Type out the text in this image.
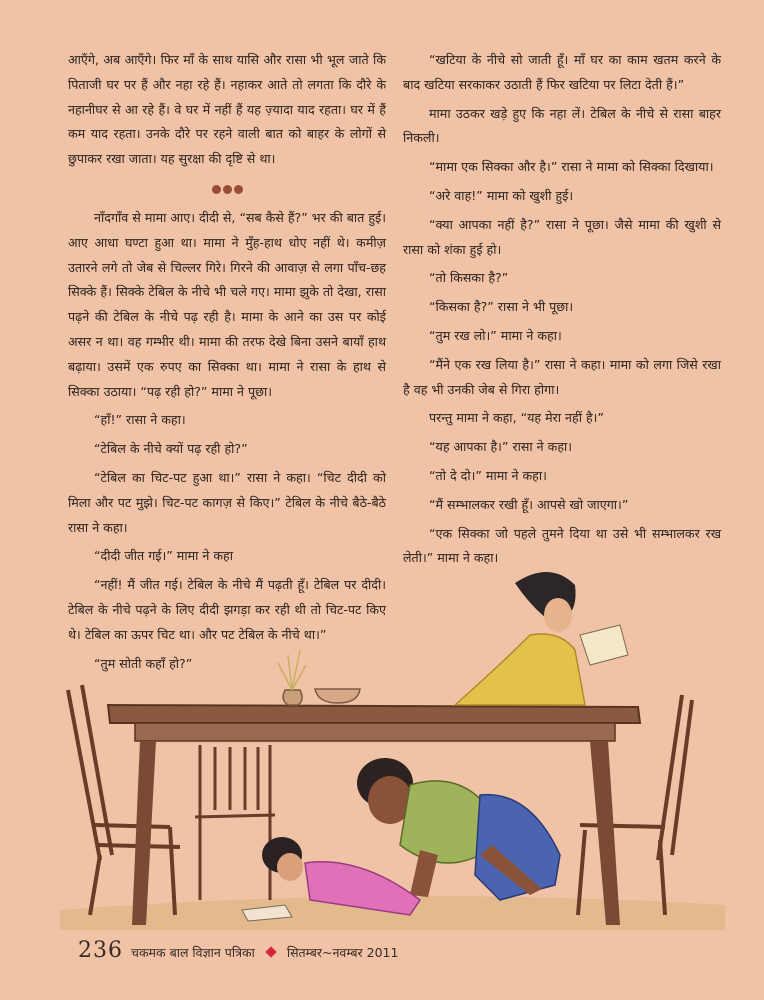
आएँगे, अब आएँगे। फिर माँ के साथ यासि और रासा भी भूल जाते कि पिताजी घर पर हैं और नहा रहे हैं। नहाकर आते तो लगता कि दौरे के नहानीघर से आ रहे हैं। वे घर में नहीं हैं यह ज़्यादा याद रहता। घर में हैं कम याद रहता। उनके दौरे पर रहने वाली बात को बाहर के लोगों से छुपाकर रखा जाता। यह सुरक्षा की दृष्टि से था।

नाँदगाँव से मामा आए। दीदी से, “सब कैसे हैं?” भर की बात हुई। आए आधा घण्टा हुआ था। मामा ने मुँह-हाथ धोए नहीं थे। कमीज़ उतारने लगे तो जेब से चिल्लर गिरे। गिरने की आवाज़ से लगा पाँच-छह सिक्के हैं। सिक्के टेबिल के नीचे भी चले गए। मामा झुके तो देखा, रासा पढ़ने की टेबिल के नीचे पढ़ रही है। मामा के आने का उस पर कोई असर न था। वह गम्भीर थी। मामा की तरफ देखे बिना उसने बायाँ हाथ बढ़ाया। उसमें एक रुपए का सिक्का था। मामा ने रासा के हाथ से सिक्का उठाया। “पढ़ रही हो?” मामा ने पूछा।

“हाँ!” रासा ने कहा।

“टेबिल के नीचे क्यों पढ़ रही हो?”

“टेबिल का चिट-पट हुआ था।” रासा ने कहा। “चिट दीदी को मिला और पट मुझे। चिट-पट कागज़ से किए।” टेबिल के नीचे बैठे-बैठे रासा ने कहा।

“दीदी जीत गई।” मामा ने कहा

“नहीं! मैं जीत गई। टेबिल के नीचे मैं पढ़ती हूँ। टेबिल पर दीदी। टेबिल के नीचे पढ़ने के लिए दीदी झगड़ा कर रही थी तो चिट-पट किए थे। टेबिल का ऊपर चिट था। और पट टेबिल के नीचे था।”

“तुम सोती कहाँ हो?”

“खटिया के नीचे सो जाती हूँ। माँ घर का काम खतम करने के बाद खटिया सरकाकर उठाती हैं फिर खटिया पर लिटा देती हैं।”

मामा उठकर खड़े हुए कि नहा लें। टेबिल के नीचे से रासा बाहर निकली।

“मामा एक सिक्का और है।” रासा ने मामा को सिक्का दिखाया।

“अरे वाह!” मामा को खुशी हुई।

“क्या आपका नहीं है?” रासा ने पूछा। जैसे मामा की खुशी से रासा को शंका हुई हो।

“तो किसका है?”

“किसका है?” रासा ने भी पूछा।

“तुम रख लो।” मामा ने कहा।

“मैंने एक रख लिया है।” रासा ने कहा। मामा को लगा जिसे रखा है वह भी उनकी जेब से गिरा होगा।

परन्तु मामा ने कहा, “यह मेरा नहीं है।”

“यह आपका है।” रासा ने कहा।

“तो दे दो।” मामा ने कहा।

“मैं सम्भालकर रखी हूँ। आपसे खो जाएगा।”

“एक सिक्का जो पहले तुमने दिया था उसे भी सम्भालकर रख लेती।” मामा ने कहा।

236 चकमक बाल विज्ञान पत्रिका	सितम्बर~नवम्बर 2011
